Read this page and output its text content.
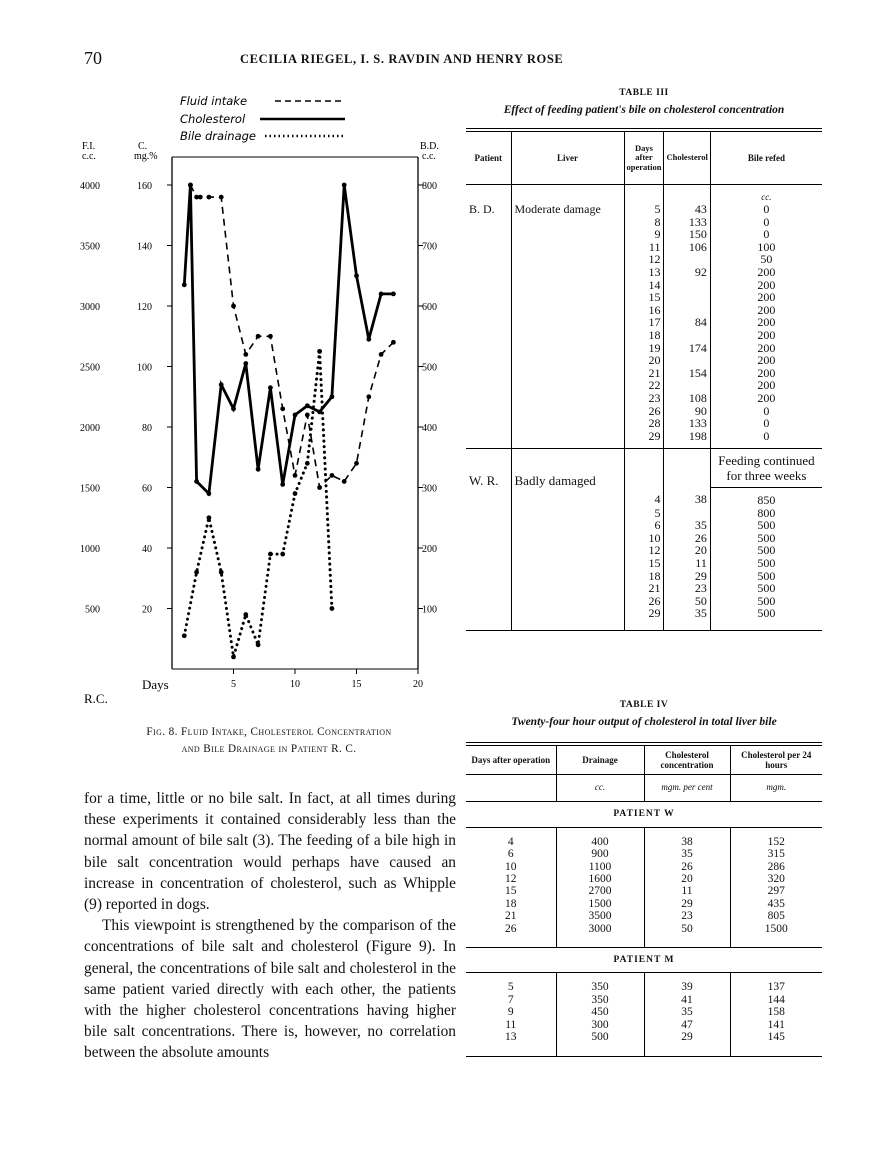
70	CECILIA RIEGEL, I. S. RAVDIN AND HENRY ROSE
Fluid intake
Cholesterol
Bile drainage
F.I.
c.c.
C.
mg.%
B.D.
c.c.
4000	160	800
3500	140	700
3000	120	600
2500	100	500
2000	80	400
1500	60	300
1000	40	200
500	20	100
5	10	15	20
Days
R.C.
Fig. 8. Fluid Intake, Cholesterol Concentration
and Bile Drainage in Patient R. C.

for a time, little or no bile salt. In fact, at all times during these experiments it contained considerably less than the normal amount of bile salt (3). The feeding of a bile high in bile salt concentration would perhaps have caused an increase in concentration of cholesterol, such as Whipple (9) reported in dogs.

This viewpoint is strengthened by the comparison of the concentrations of bile salt and cholesterol (Figure 9). In general, the concentrations of bile salt and cholesterol in the same patient varied directly with each other, the patients with the higher cholesterol concentrations having higher bile salt concentrations. There is, however, no correlation between the absolute amounts

TABLE III
Effect of feeding patient's bile on cholesterol concentration
Patient	Liver	Days after operation	Cholesterol	Bile refed
				cc.
B. D.	Moderate damage	5	43	0
		8	133	0
		9	150	0
		11	106	100
		12		50
		13	92	200
		14		200
		15		200
		16		200
		17	84	200
		18		200
		19	174	200
		20		200
		21	154	200
		22		200
		23	108	200
		26	90	0
		28	133	0
		29	198	0

W. R.	Badly damaged			Feeding continued for three weeks
		4	38	850
		5		800
		6	35	500
		10	26	500
		12	20	500
		15	11	500
		18	29	500
		21	23	500
		26	50	500
		29	35	500

TABLE IV
Twenty-four hour output of cholesterol in total liver bile
Days after operation	Drainage	Cholesterol concentration	Cholesterol per 24 hours
	cc.	mgm. per cent	mgm.
PATIENT W			
4	400	38	152
6	900	35	315
10	1100	26	286
12	1600	20	320
15	2700	11	297
18	1500	29	435
21	3500	23	805
26	3000	50	1500

PATIENT M			
5	350	39	137
7	350	41	144
9	450	35	158
11	300	47	141
13	500	29	145
